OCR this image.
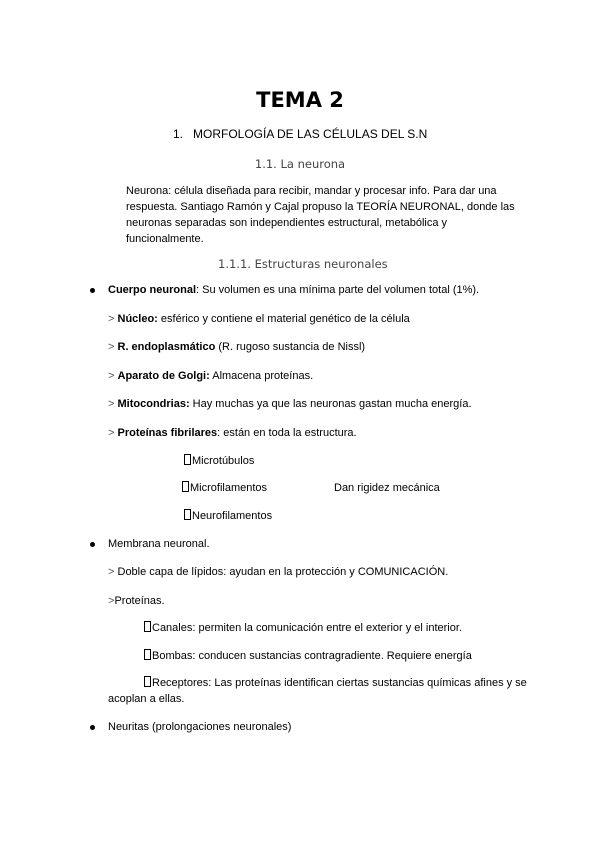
TEMA 2
1. MORFOLOGÍA DE LAS CÉLULAS DEL S.N
1.1. La neurona
Neurona: célula diseñada para recibir, mandar y procesar info. Para dar una respuesta. Santiago Ramón y Cajal propuso la TEORÍA NEURONAL, donde las neuronas separadas son independientes estructural, metabólica y funcionalmente.
1.1.1. Estructuras neuronales
Cuerpo neuronal: Su volumen es una mínima parte del volumen total (1%).
> Núcleo: esférico y contiene el material genético de la célula
> R. endoplasmático (R. rugoso sustancia de Nissl)
> Aparato de Golgi: Almacena proteínas.
> Mitocondrias: Hay muchas ya que las neuronas gastan mucha energía.
> Proteínas fibrilares: están en toda la estructura.
Microtúbulos
Microfilamentos	Dan rigidez mecánica
Neurofilamentos
Membrana neuronal.
> Doble capa de lípidos: ayudan en la protección y COMUNICACIÓN.
>Proteínas.
Canales: permiten la comunicación entre el exterior y el interior.
Bombas: conducen sustancias contragradiente. Requiere energía
Receptores: Las proteínas identifican ciertas sustancias químicas afines y se acoplan a ellas.
Neuritas (prolongaciones neuronales)
